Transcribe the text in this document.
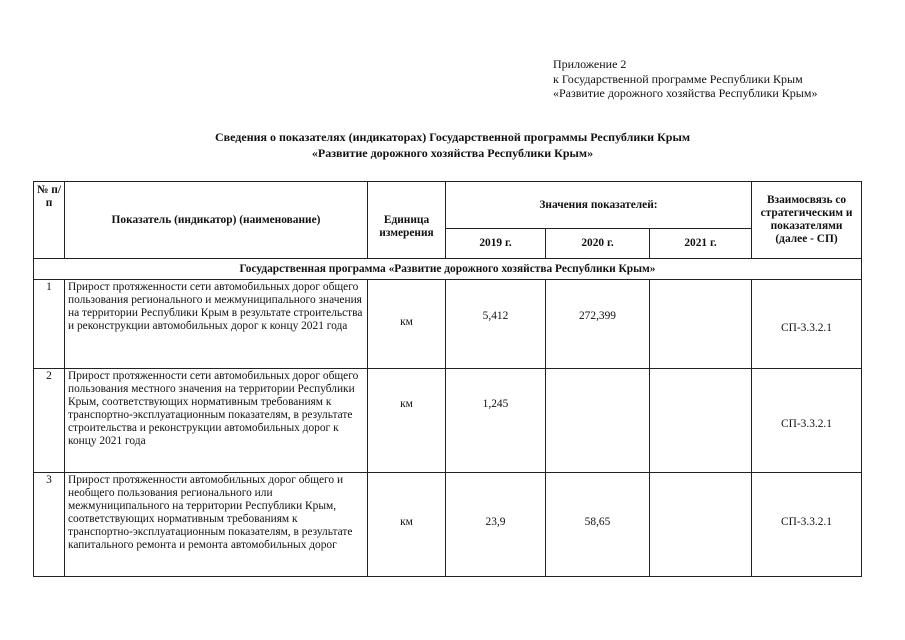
Приложение 2
к Государственной программе Республики Крым
«Развитие дорожного хозяйства Республики Крым»
Сведения о показателях (индикаторах) Государственной программы Республики Крым
«Развитие дорожного хозяйства Республики Крым»
№ п/п	Показатель (индикатор) (наименование)	Единица измерения	Значения показателей:			Взаимосвязь со стратегическим и показателями (далее - СП)
			2019 г.	2020 г.	2021 г.	
Государственная программа «Развитие дорожного хозяйства Республики Крым»						
1	Прирост протяженности сети автомобильных дорог общего пользования регионального и межмуниципального значения на территории Республики Крым в результате строительства и реконструкции автомобильных дорог к концу 2021 года	км	5,412	272,399		СП-3.3.2.1
2	Прирост протяженности сети автомобильных дорог общего пользования местного значения на территории Республики Крым, соответствующих нормативным требованиям к транспортно-эксплуатационным показателям, в результате строительства и реконструкции автомобильных дорог к концу 2021 года	км	1,245			СП-3.3.2.1
3	Прирост протяженности автомобильных дорог общего и необщего пользования регионального или межмуниципального на территории Республики Крым, соответствующих нормативным требованиям к транспортно-эксплуатационным показателям, в результате капитального ремонта и ремонта автомобильных дорог	км	23,9	58,65		СП-3.3.2.1
